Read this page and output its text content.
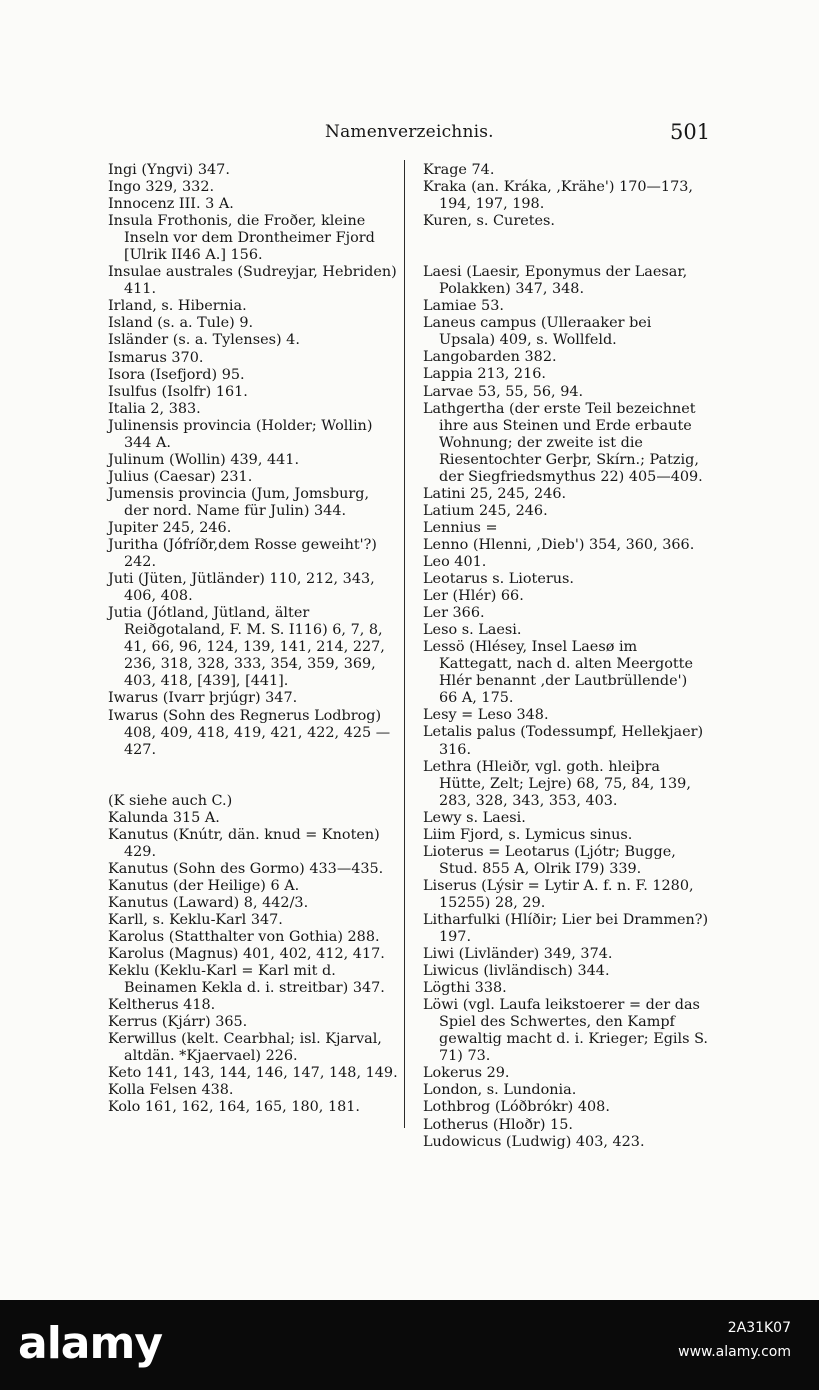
Namenverzeichnis.	501
Ingi (Yngvi) 347.
Ingo 329, 332.
Innocenz III. 3 A.
Insula Frothonis, die Froðer, kleine Inseln vor dem Drontheimer Fjord [Ulrik II46 A.] 156.
Insulae australes (Sudreyjar, Hebriden) 411.
Irland, s. Hibernia.
Island (s. a. Tule) 9.
Isländer (s. a. Tylenses) 4.
Ismarus 370.
Isora (Isefjord) 95.
Isulfus (Isolfr) 161.
Italia 2, 383.
Julinensis provincia (Holder; Wollin) 344 A.
Julinum (Wollin) 439, 441.
Julius (Caesar) 231.
Jumensis provincia (Jum, Jomsburg, der nord. Name für Julin) 344.
Jupiter 245, 246.
Juritha (Jófríðr,dem Rosse geweiht'?) 242.
Juti (Jüten, Jütländer) 110, 212, 343, 406, 408.
Jutia (Jótland, Jütland, älter Reiðgotaland, F. M. S. I116) 6, 7, 8, 41, 66, 96, 124, 139, 141, 214, 227, 236, 318, 328, 333, 354, 359, 369, 403, 418, [439], [441].
Iwarus (Ivarr þrjúgr) 347.
Iwarus (Sohn des Regnerus Lodbrog) 408, 409, 418, 419, 421, 422, 425 —427.
(K siehe auch C.)
Kalunda 315 A.
Kanutus (Knútr, dän. knud = Knoten) 429.
Kanutus (Sohn des Gormo) 433—435.
Kanutus (der Heilige) 6 A.
Kanutus (Laward) 8, 442/3.
Karll, s. Keklu-Karl 347.
Karolus (Statthalter von Gothia) 288.
Karolus (Magnus) 401, 402, 412, 417.
Keklu (Keklu-Karl = Karl mit d. Beinamen Kekla d. i. streitbar) 347.
Keltherus 418.
Kerrus (Kjárr) 365.
Kerwillus (kelt. Cearbhal; isl. Kjarval, altdän. *Kjaervael) 226.
Keto 141, 143, 144, 146, 147, 148, 149.
Kolla Felsen 438.
Kolo 161, 162, 164, 165, 180, 181.
Krage 74.
Kraka (an. Kráka, ,Krähe') 170—173, 194, 197, 198.
Kuren, s. Curetes.
Laesi (Laesir, Eponymus der Laesar, Polakken) 347, 348.
Lamiae 53.
Laneus campus (Ulleraaker bei Upsala) 409, s. Wollfeld.
Langobarden 382.
Lappia 213, 216.
Larvae 53, 55, 56, 94.
Lathgertha (der erste Teil bezeichnet ihre aus Steinen und Erde erbaute Wohnung; der zweite ist die Riesentochter Gerþr, Skírn.; Patzig, der Siegfriedsmythus 22) 405—409.
Latini 25, 245, 246.
Latium 245, 246.
Lennius =
Lenno (Hlenni, ,Dieb') 354, 360, 366.
Leo 401.
Leotarus s. Lioterus.
Ler (Hlér) 66.
Ler 366.
Leso s. Laesi.
Lessö (Hlésey, Insel Laesø im Kattegatt, nach d. alten Meergotte Hlér benannt ,der Lautbrüllende') 66 A, 175.
Lesy = Leso 348.
Letalis palus (Todessumpf, Hellekjaer) 316.
Lethra (Hleiðr, vgl. goth. hleiþra Hütte, Zelt; Lejre) 68, 75, 84, 139, 283, 328, 343, 353, 403.
Lewy s. Laesi.
Liim Fjord, s. Lymicus sinus.
Lioterus = Leotarus (Ljótr; Bugge, Stud. 855 A, Olrik I79) 339.
Liserus (Lýsir = Lytir A. f. n. F. 1280, 15255) 28, 29.
Litharfulki (Hlíðir; Lier bei Drammen?) 197.
Liwi (Livländer) 349, 374.
Liwicus (livländisch) 344.
Lögthi 338.
Löwi (vgl. Laufa leikstoerer = der das Spiel des Schwertes, den Kampf gewaltig macht d. i. Krieger; Egils S. 71) 73.
Lokerus 29.
London, s. Lundonia.
Lothbrog (Lóðbrókr) 408.
Lotherus (Hloðr) 15.
Ludowicus (Ludwig) 403, 423.
alamy	2A31K07
www.alamy.com
